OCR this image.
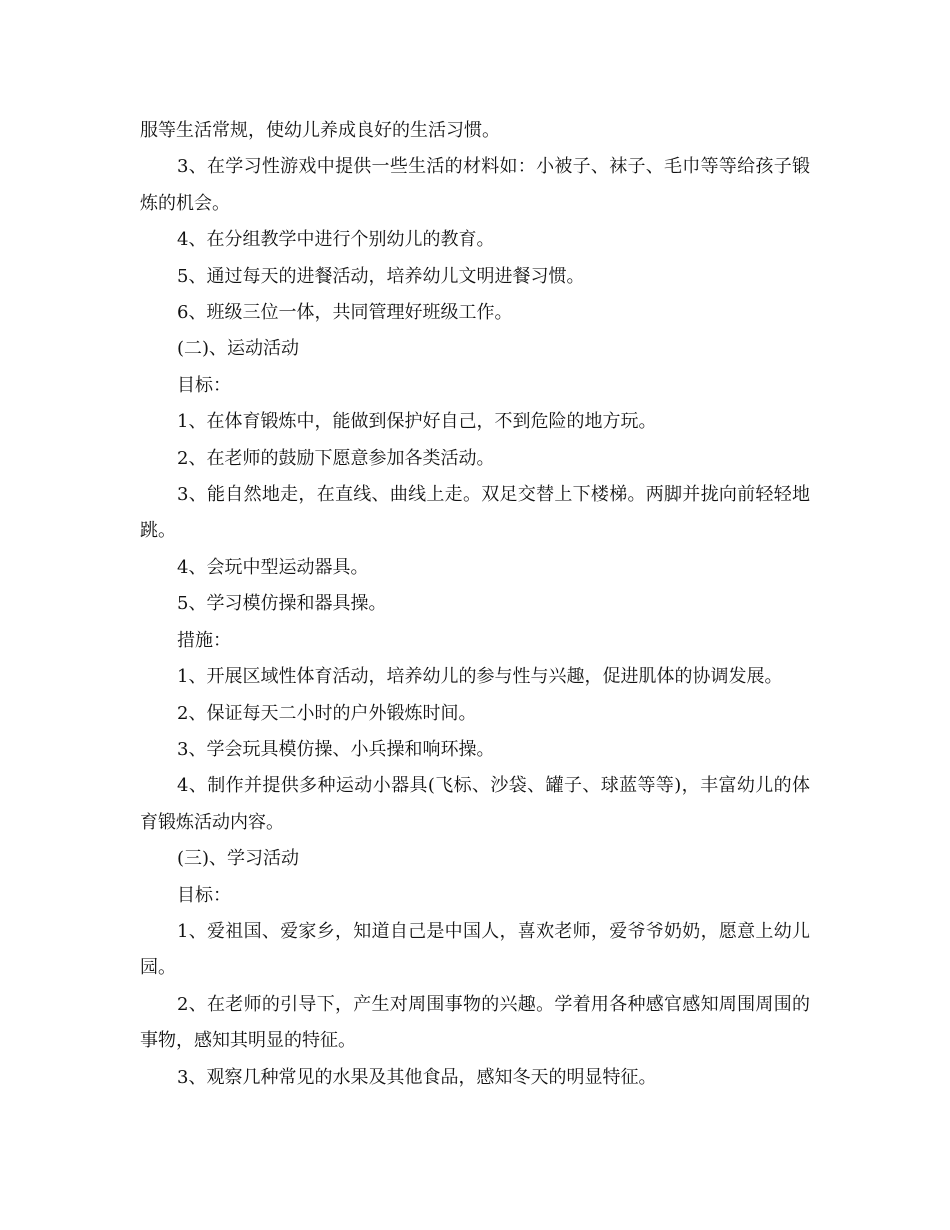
服等生活常规，使幼儿养成良好的生活习惯。

3、在学习性游戏中提供一些生活的材料如：小被子、袜子、毛巾等等给孩子锻炼的机会。

4、在分组教学中进行个别幼儿的教育。

5、通过每天的进餐活动，培养幼儿文明进餐习惯。

6、班级三位一体，共同管理好班级工作。

(二)、运动活动

目标：

1、在体育锻炼中，能做到保护好自己，不到危险的地方玩。

2、在老师的鼓励下愿意参加各类活动。

3、能自然地走，在直线、曲线上走。双足交替上下楼梯。两脚并拢向前轻轻地跳。

4、会玩中型运动器具。

5、学习模仿操和器具操。

措施：

1、开展区域性体育活动，培养幼儿的参与性与兴趣，促进肌体的协调发展。

2、保证每天二小时的户外锻炼时间。

3、学会玩具模仿操、小兵操和响环操。

4、制作并提供多种运动小器具(飞标、沙袋、罐子、球蓝等等)，丰富幼儿的体育锻炼活动内容。

(三)、学习活动

目标：

1、爱祖国、爱家乡，知道自己是中国人，喜欢老师，爱爷爷奶奶，愿意上幼儿园。

2、在老师的引导下，产生对周围事物的兴趣。学着用各种感官感知周围周围的事物，感知其明显的特征。

3、观察几种常见的水果及其他食品，感知冬天的明显特征。
